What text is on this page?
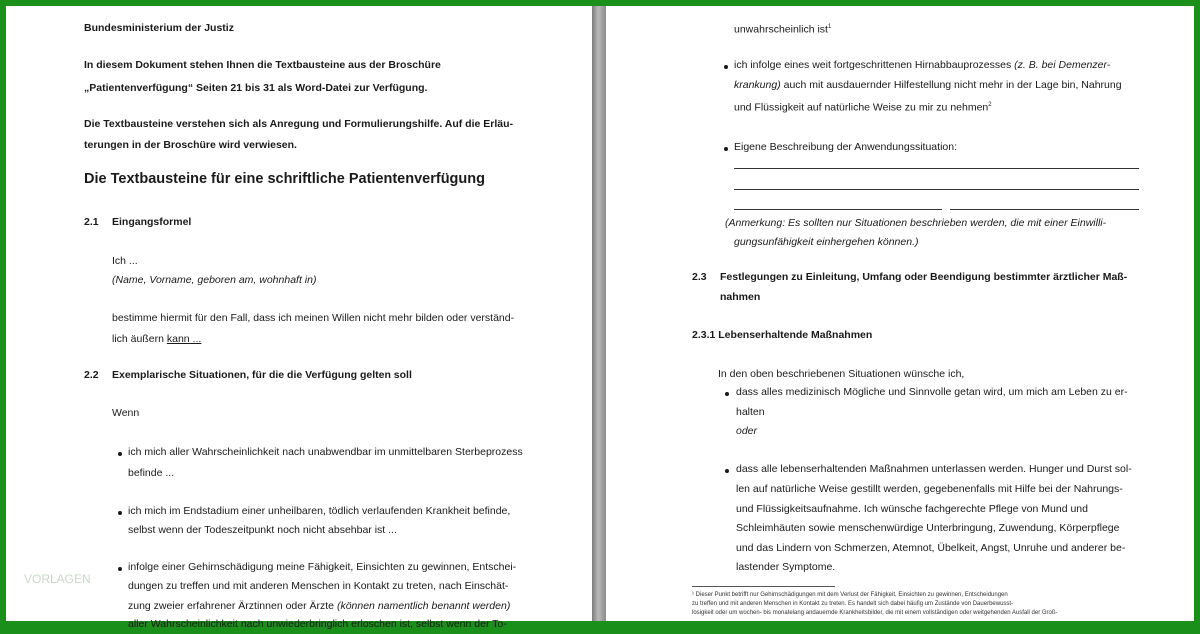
Bundesministerium der Justiz
In diesem Dokument stehen Ihnen die Textbausteine aus der Broschüre
„Patientenverfügung“ Seiten 21 bis 31 als Word-Datei zur Verfügung.
Die Textbausteine verstehen sich als Anregung und Formulierungshilfe. Auf die Erläu-
terungen in der Broschüre wird verwiesen.
Die Textbausteine für eine schriftliche Patientenverfügung
2.1 Eingangsformel
Ich ...
(Name, Vorname, geboren am, wohnhaft in)
bestimme hiermit für den Fall, dass ich meinen Willen nicht mehr bilden oder verständ-
lich äußern kann ...
2.2 Exemplarische Situationen, für die die Verfügung gelten soll
Wenn
ich mich aller Wahrscheinlichkeit nach unabwendbar im unmittelbaren Sterbeprozess
befinde ...
ich mich im Endstadium einer unheilbaren, tödlich verlaufenden Krankheit befinde,
selbst wenn der Todeszeitpunkt noch nicht absehbar ist ...
infolge einer Gehirnschädigung meine Fähigkeit, Einsichten zu gewinnen, Entschei-
dungen zu treffen und mit anderen Menschen in Kontakt zu treten, nach Einschät-
zung zweier erfahrener Ärztinnen oder Ärzte (können namentlich benannt werden)
aller Wahrscheinlichkeit nach unwiederbringlich erloschen ist, selbst wenn der To-
VORLAGEN
unwahrscheinlich ist$^1$
ich infolge eines weit fortgeschrittenen Hirnabbauprozesses (z. B. bei Demenzer-
krankung) auch mit ausdauernder Hilfestellung nicht mehr in der Lage bin, Nahrung
und Flüssigkeit auf natürliche Weise zu mir zu nehmen$^2$
Eigene Beschreibung der Anwendungssituation:
(Anmerkung: Es sollten nur Situationen beschrieben werden, die mit einer Einwilli-
gungsunfähigkeit einhergehen können.)
2.3 Festlegungen zu Einleitung, Umfang oder Beendigung bestimmter ärztlicher Maß-
nahmen
2.3.1 Lebenserhaltende Maßnahmen
In den oben beschriebenen Situationen wünsche ich,
dass alles medizinisch Mögliche und Sinnvolle getan wird, um mich am Leben zu er-
halten
oder
dass alle lebenserhaltenden Maßnahmen unterlassen werden. Hunger und Durst sol-
len auf natürliche Weise gestillt werden, gegebenenfalls mit Hilfe bei der Nahrungs-
und Flüssigkeitsaufnahme. Ich wünsche fachgerechte Pflege von Mund und
Schleimhäuten sowie menschenwürdige Unterbringung, Zuwendung, Körperpflege
und das Lindern von Schmerzen, Atemnot, Übelkeit, Angst, Unruhe und anderer be-
lastender Symptome.
¹ Dieser Punkt betrifft nur Gehirnschädigungen mit dem Verlust der Fähigkeit, Einsichten zu gewinnen, Entscheidungen
zu treffen und mit anderen Menschen in Kontakt zu treten. Es handelt sich dabei häufig um Zustände von Dauerbewusst-
losigkeit oder um wochen- bis monatelang andauernde Krankheitsbilder, die mit einem vollständigen oder weitgehenden Ausfall der Groß-
